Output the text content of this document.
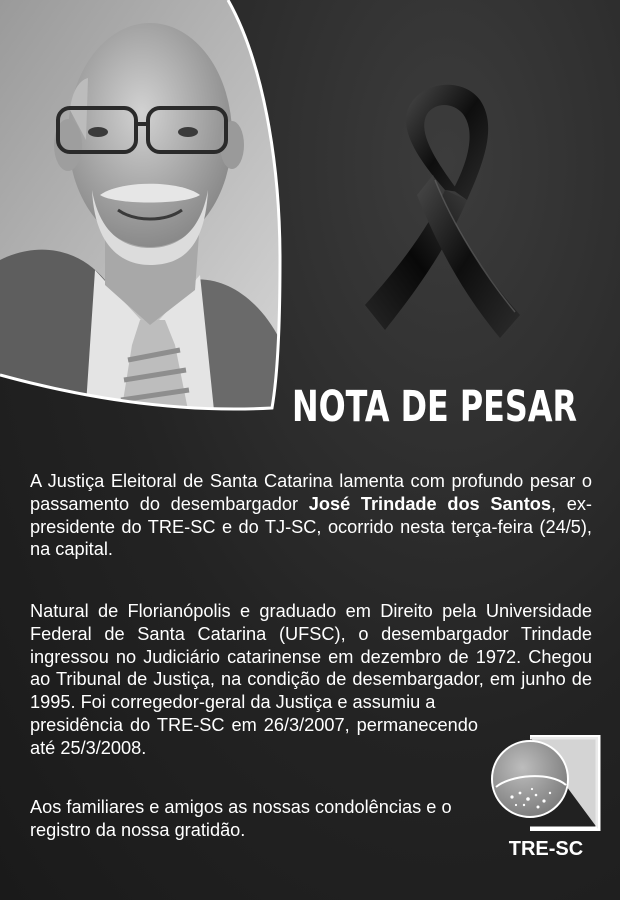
NOTA DE PESAR

A Justiça Eleitoral de Santa Catarina lamenta com profundo pesar o passamento do desembargador José Trindade dos Santos, ex-presidente do TRE-SC e do TJ-SC, ocorrido nesta terça-feira (24/5), na capital.

Natural de Florianópolis e graduado em Direito pela Universidade Federal de Santa Catarina (UFSC), o desembargador Trindade ingressou no Judiciário catarinense em dezembro de 1972. Chegou ao Tribunal de Justiça, na condição de desembargador, em junho de 1995. Foi corregedor-geral da Justiça e assumiu a

presidência do TRE-SC em 26/3/2007, permanecendo até 25/3/2008.

Aos familiares e amigos as nossas condolências e o registro da nossa gratidão.

TRE-SC
